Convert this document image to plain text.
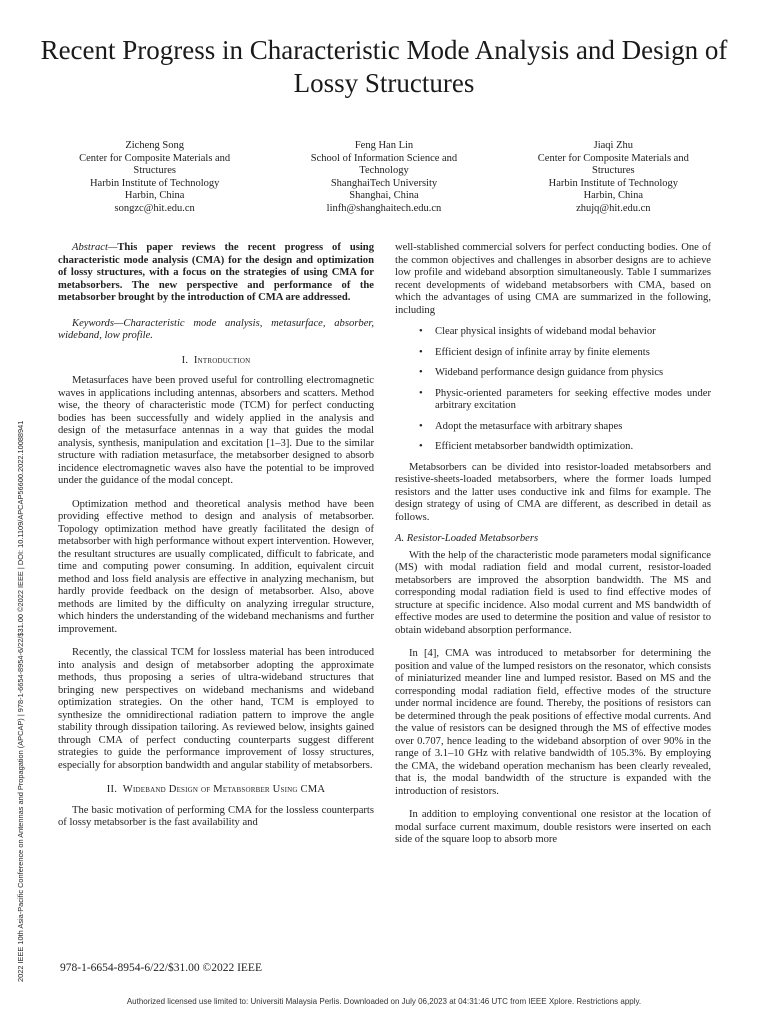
Recent Progress in Characteristic Mode Analysis and Design of Lossy Structures
Zicheng Song
Center for Composite Materials and
Structures
Harbin Institute of Technology
Harbin, China
songzc@hit.edu.cn
Feng Han Lin
School of Information Science and
Technology
ShanghaiTech University
Shanghai, China
linfh@shanghaitech.edu.cn
Jiaqi Zhu
Center for Composite Materials and
Structures
Harbin Institute of Technology
Harbin, China
zhujq@hit.edu.cn
2022 IEEE 10th Asia-Pacific Conference on Antennas and Propagation (APCAP) | 978-1-6654-8954-6/22/$31.00 ©2022 IEEE | DOI: 10.1109/APCAP56600.2022.10088941

Abstract—This paper reviews the recent progress of using characteristic mode analysis (CMA) for the design and optimization of lossy structures, with a focus on the strategies of using CMA for metabsorbers. The new perspective and performance of the metabsorber brought by the introduction of CMA are addressed.

Keywords—Characteristic mode analysis, metasurface, absorber, wideband, low profile.

I. Introduction

Metasurfaces have been proved useful for controlling electromagnetic waves in applications including antennas, absorbers and scatters. Method wise, the theory of characteristic mode (TCM) for perfect conducting bodies has been successfully and widely applied in the analysis and design of the metasurface antennas in a way that guides the modal analysis, synthesis, manipulation and excitation [1–3]. Due to the similar structure with radiation metasurface, the metabsorber designed to absorb incidence electromagnetic waves also have the potential to be improved under the guidance of the modal concept.

Optimization method and theoretical analysis method have been providing effective method to design and analysis of metabsorber. Topology optimization method have greatly facilitated the design of metabsorber with high performance without expert intervention. However, the resultant structures are usually complicated, difficult to fabricate, and time and computing power consuming. In addition, equivalent circuit method and loss field analysis are effective in analyzing mechanism, but hardly provide feedback on the design of metabsorber. Also, above methods are limited by the difficulty on analyzing irregular structure, which hinders the understanding of the wideband mechanisms and further improvement.

Recently, the classical TCM for lossless material has been introduced into analysis and design of metabsorber adopting the approximate methods, thus proposing a series of ultra-wideband structures that bringing new perspectives on wideband mechanisms and wideband optimization strategies. On the other hand, TCM is employed to synthesize the omnidirectional radiation pattern to improve the angle stability through dissipation tailoring. As reviewed below, insights gained through CMA of perfect conducting counterparts suggest different strategies to guide the performance improvement of lossy structures, especially for absorption bandwidth and angular stability of metabsorbers.

II. Wideband Design of Metabsorber Using CMA

The basic motivation of performing CMA for the lossless counterparts of lossy metabsorber is the fast availability and

well-stablished commercial solvers for perfect conducting bodies. One of the common objectives and challenges in absorber designs are to achieve low profile and wideband absorption simultaneously. Table I summarizes recent developments of wideband metabsorbers with CMA, based on which the advantages of using CMA are summarized in the following, including

• Clear physical insights of wideband modal behavior
• Efficient design of infinite array by finite elements
• Wideband performance design guidance from physics
• Physic-oriented parameters for seeking effective modes under arbitrary excitation
• Adopt the metasurface with arbitrary shapes
• Efficient metabsorber bandwidth optimization.

Metabsorbers can be divided into resistor-loaded metabsorbers and resistive-sheets-loaded metabsorbers, where the former loads lumped resistors and the latter uses conductive ink and films for example. The design strategy of using of CMA are different, as described in detail as follows.

A. Resistor-Loaded Metabsorbers

With the help of the characteristic mode parameters modal significance (MS) with modal radiation field and modal current, resistor-loaded metabsorbers are improved the absorption bandwidth. The MS and corresponding modal radiation field is used to find effective modes of structure at specific incidence. Also modal current and MS bandwidth of effective modes are used to determine the position and value of resistor to obtain wideband absorption performance.

In [4], CMA was introduced to metabsorber for determining the position and value of the lumped resistors on the resonator, which consists of miniaturized meander line and lumped resistor. Based on MS and the corresponding modal radiation field, effective modes of the structure under normal incidence are found. Thereby, the positions of resistors can be determined through the peak positions of effective modal currents. And the value of resistors can be designed through the MS of effective modes over 0.707, hence leading to the wideband absorption of over 90% in the range of 3.1–10 GHz with relative bandwidth of 105.3%. By employing the CMA, the wideband operation mechanism has been clearly revealed, that is, the modal bandwidth of the structure is expanded with the introduction of resistors.

In addition to employing conventional one resistor at the location of modal surface current maximum, double resistors were inserted on each side of the square loop to absorb more

978-1-6654-8954-6/22/$31.00 ©2022 IEEE
Authorized licensed use limited to: Universiti Malaysia Perlis. Downloaded on July 06,2023 at 04:31:46 UTC from IEEE Xplore. Restrictions apply.
